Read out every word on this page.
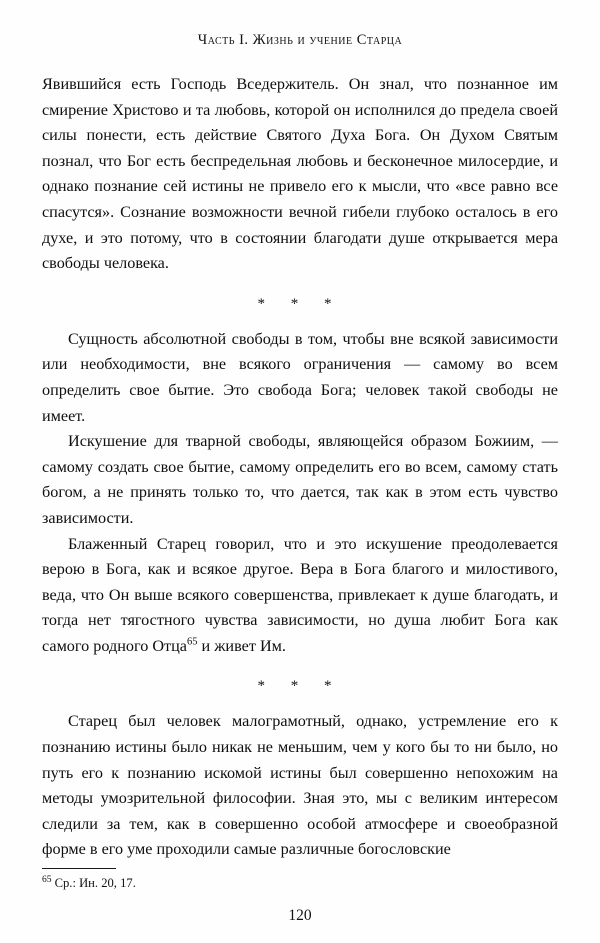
Часть I. Жизнь и учение Старца

Явившийся есть Господь Вседержитель. Он знал, что познанное им смирение Христово и та любовь, которой он исполнился до предела своей силы понести, есть действие Святого Духа Бога. Он Духом Святым познал, что Бог есть беспредельная любовь и бесконечное милосердие, и однако познание сей истины не привело его к мысли, что «все равно все спасутся». Сознание возможности вечной гибели глубоко осталось в его духе, и это потому, что в состоянии благодати душе открывается мера свободы человека.

* * *

Сущность абсолютной свободы в том, чтобы вне всякой зависимости или необходимости, вне всякого ограничения — самому во всем определить свое бытие. Это свобода Бога; человек такой свободы не имеет.

Искушение для тварной свободы, являющейся образом Божиим, — самому создать свое бытие, самому определить его во всем, самому стать богом, а не принять только то, что дается, так как в этом есть чувство зависимости.

Блаженный Старец говорил, что и это искушение преодолевается верою в Бога, как и всякое другое. Вера в Бога благого и милостивого, веда, что Он выше всякого совершенства, привлекает к душе благодать, и тогда нет тягостного чувства зависимости, но душа любит Бога как самого родного Отца$^{65}$ и живет Им.

* * *

Старец был человек малограмотный, однако, устремление его к познанию истины было никак не меньшим, чем у кого бы то ни было, но путь его к познанию искомой истины был совершенно непохожим на методы умозрительной философии. Зная это, мы с великим интересом следили за тем, как в совершенно особой атмосфере и своеобразной форме в его уме проходили самые различные богословские

$^{65}$ Ср.: Ин. 20, 17.
120
